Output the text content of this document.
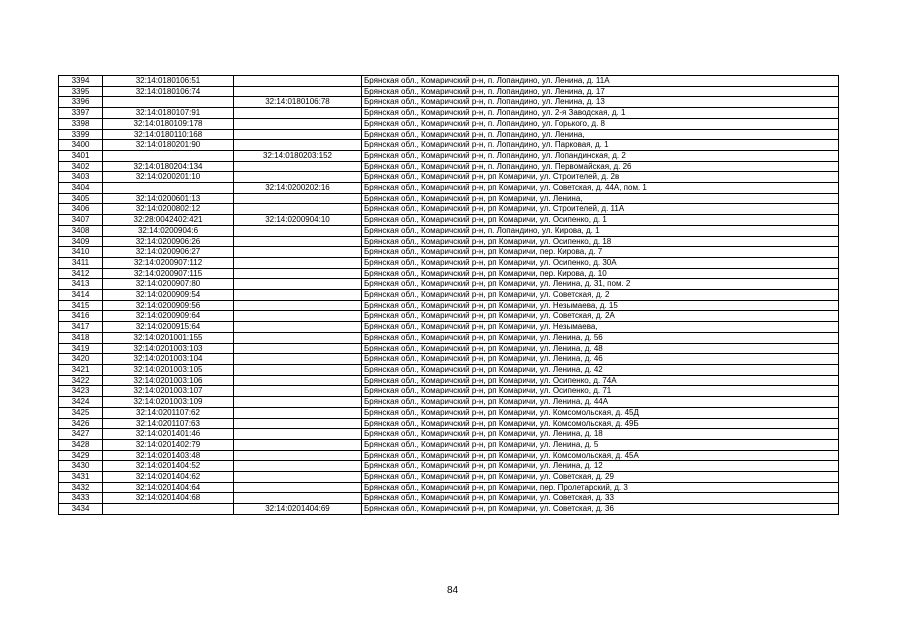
3394	32:14:0180106:51		Брянская обл., Комаричский р-н, п. Лопандино, ул. Ленина, д. 11А
3395	32:14:0180106:74		Брянская обл., Комаричский р-н, п. Лопандино, ул. Ленина, д. 17
3396		32:14:0180106:78	Брянская обл., Комаричский р-н, п. Лопандино, ул. Ленина, д. 13
3397	32:14:0180107:91		Брянская обл., Комаричский р-н, п. Лопандино, ул. 2-я Заводская, д. 1
3398	32:14:0180109:178		Брянская обл., Комаричский р-н, п. Лопандино, ул. Горького, д. 8
3399	32:14:0180110:168		Брянская обл., Комаричский р-н, п. Лопандино, ул. Ленина,
3400	32:14:0180201:90		Брянская обл., Комаричский р-н, п. Лопандино, ул. Парковая, д. 1
3401		32:14:0180203:152	Брянская обл., Комаричский р-н, п. Лопандино, ул. Лопандинская, д. 2
3402	32:14:0180204:134		Брянская обл., Комаричский р-н, п. Лопандино, ул. Первомайская, д. 26
3403	32:14:0200201:10		Брянская обл., Комаричский р-н, рп Комаричи, ул. Строителей, д. 2в
3404		32:14:0200202:16	Брянская обл., Комаричский р-н, рп Комаричи, ул. Советская, д. 44А, пом. 1
3405	32:14:0200601:13		Брянская обл., Комаричский р-н, рп Комаричи, ул. Ленина,
3406	32:14:0200802:12		Брянская обл., Комаричский р-н, рп Комаричи, ул. Строителей, д. 11А
3407	32:28:0042402:421	32:14:0200904:10	Брянская обл., Комаричский р-н, рп Комаричи, ул. Осипенко, д. 1
3408	32:14:0200904:6		Брянская обл., Комаричский р-н, п. Лопандино, ул. Кирова, д. 1
3409	32:14:0200906:26		Брянская обл., Комаричский р-н, рп Комаричи, ул. Осипенко, д. 18
3410	32:14:0200906:27		Брянская обл., Комаричский р-н, рп Комаричи, пер. Кирова, д. 7
3411	32:14:0200907:112		Брянская обл., Комаричский р-н, рп Комаричи, ул. Осипенко, д. 30А
3412	32:14:0200907:115		Брянская обл., Комаричский р-н, рп Комаричи, пер. Кирова, д. 10
3413	32:14:0200907:80		Брянская обл., Комаричский р-н, рп Комаричи, ул. Ленина, д. 31, пом. 2
3414	32:14:0200909:54		Брянская обл., Комаричский р-н, рп Комаричи, ул. Советская, д. 2
3415	32:14:0200909:56		Брянская обл., Комаричский р-н, рп Комаричи, ул. Незымаева, д. 15
3416	32:14:0200909:64		Брянская обл., Комаричский р-н, рп Комаричи, ул. Советская, д. 2А
3417	32:14:0200915:64		Брянская обл., Комаричский р-н, рп Комаричи, ул. Незымаева,
3418	32:14:0201001:155		Брянская обл., Комаричский р-н, рп Комаричи, ул. Ленина, д. 56
3419	32:14:0201003:103		Брянская обл., Комаричский р-н, рп Комаричи, ул. Ленина, д. 48
3420	32:14:0201003:104		Брянская обл., Комаричский р-н, рп Комаричи, ул. Ленина, д. 46
3421	32:14:0201003:105		Брянская обл., Комаричский р-н, рп Комаричи, ул. Ленина, д. 42
3422	32:14:0201003:106		Брянская обл., Комаричский р-н, рп Комаричи, ул. Осипенко, д. 74А
3423	32:14:0201003:107		Брянская обл., Комаричский р-н, рп Комаричи, ул. Осипенко, д. 71
3424	32:14:0201003:109		Брянская обл., Комаричский р-н, рп Комаричи, ул. Ленина, д. 44А
3425	32:14:0201107:62		Брянская обл., Комаричский р-н, рп Комаричи, ул. Комсомольская, д. 45Д
3426	32:14:0201107:63		Брянская обл., Комаричский р-н, рп Комаричи, ул. Комсомольская, д. 49Б
3427	32:14:0201401:46		Брянская обл., Комаричский р-н, рп Комаричи, ул. Ленина, д. 18
3428	32:14:0201402:79		Брянская обл., Комаричский р-н, рп Комаричи, ул. Ленина, д. 5
3429	32:14:0201403:48		Брянская обл., Комаричский р-н, рп Комаричи, ул. Комсомольская, д. 45А
3430	32:14:0201404:52		Брянская обл., Комаричский р-н, рп Комаричи, ул. Ленина, д. 12
3431	32:14:0201404:62		Брянская обл., Комаричский р-н, рп Комаричи, ул. Советская, д. 29
3432	32:14:0201404:64		Брянская обл., Комаричский р-н, рп Комаричи, пер. Пролетарский, д. 3
3433	32:14:0201404:68		Брянская обл., Комаричский р-н, рп Комаричи, ул. Советская, д. 33
3434		32:14:0201404:69	Брянская обл., Комаричский р-н, рп Комаричи, ул. Советская, д. 36
84
